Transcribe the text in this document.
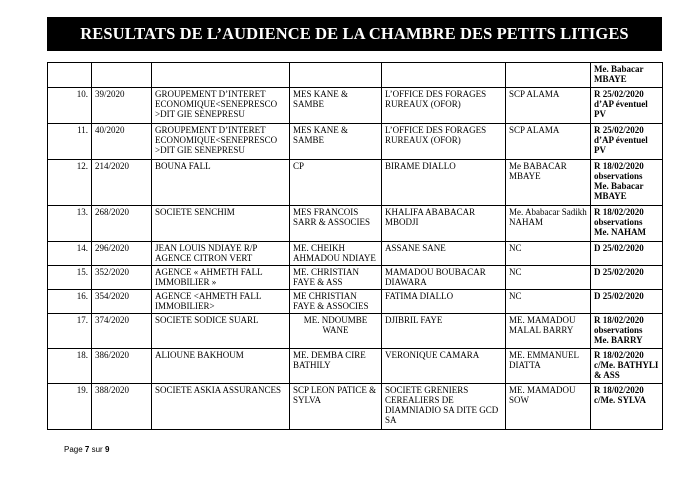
RESULTATS DE L’AUDIENCE DE LA CHAMBRE DES PETITS LITIGES
						Me. Babacar MBAYE
10.	39/2020	GROUPEMENT D’INTERET ECONOMIQUE<SENEPRESCO >DIT GIE SENEPRESU	MES KANE & SAMBE	L’OFFICE DES FORAGES RUREAUX (OFOR)	SCP ALAMA	R 25/02/2020 d’AP éventuel PV
11.	40/2020	GROUPEMENT D’INTERET ECONOMIQUE<SENEPRESCO >DIT GIE SENEPRESU	MES KANE & SAMBE	L’OFFICE DES FORAGES RUREAUX (OFOR)	SCP ALAMA	R 25/02/2020 d’AP éventuel PV
12.	214/2020	BOUNA FALL	CP	BIRAME DIALLO	Me BABACAR MBAYE	R 18/02/2020 observations Me. Babacar MBAYE
13.	268/2020	SOCIETE SENCHIM	MES FRANCOIS SARR & ASSOCIES	KHALIFA ABABACAR MBODJI	Me. Ababacar Sadikh NAHAM	R 18/02/2020 observations Me. NAHAM
14.	296/2020	JEAN LOUIS NDIAYE R/P AGENCE CITRON VERT	ME. CHEIKH AHMADOU NDIAYE	ASSANE SANE	NC	D 25/02/2020
15.	352/2020	AGENCE « AHMETH FALL IMMOBILIER »	ME. CHRISTIAN FAYE & ASS	MAMADOU BOUBACAR DIAWARA	NC	D 25/02/2020
16.	354/2020	AGENCE <AHMETH FALL IMMOBILIER>	ME CHRISTIAN FAYE & ASSOCIES	FATIMA DIALLO	NC	D 25/02/2020
17.	374/2020	SOCIETE SODICE SUARL	ME. NDOUMBE WANE	DJIBRIL FAYE	ME. MAMADOU MALAL BARRY	R 18/02/2020 observations Me. BARRY
18.	386/2020	ALIOUNE BAKHOUM	ME. DEMBA CIRE BATHILY	VERONIQUE CAMARA	ME. EMMANUEL DIATTA	R 18/02/2020 c/Me. BATHYLI & ASS
19.	388/2020	SOCIETE ASKIA ASSURANCES	SCP LEON PATICE & SYLVA	SOCIETE GRENIERS CEREALIERS DE DIAMNIADIO SA DITE GCD SA	ME. MAMADOU SOW	R 18/02/2020 c/Me. SYLVA
Page 7 sur 9
